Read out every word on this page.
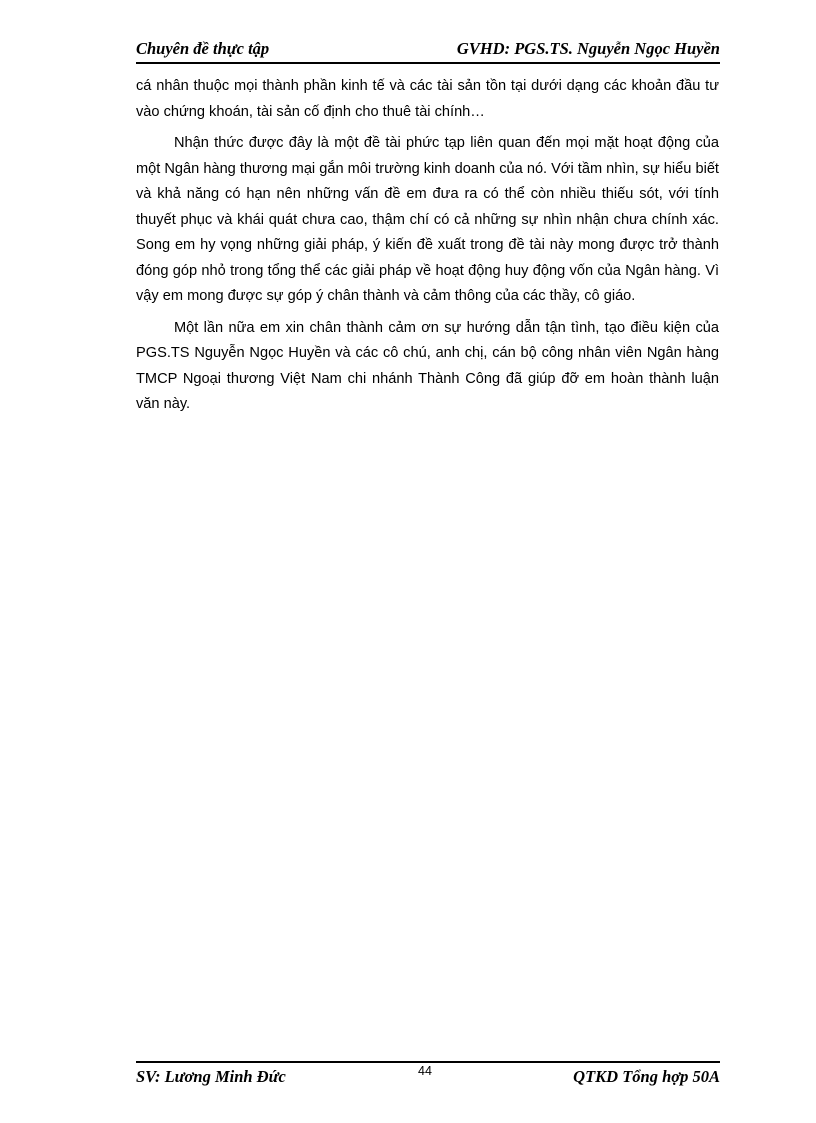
Chuyên đề thực tập	GVHD: PGS.TS. Nguyễn Ngọc Huyền

cá nhân thuộc mọi thành phần kinh tế và các tài sản tồn tại dưới dạng các khoản đầu tư vào chứng khoán, tài sản cố định cho thuê tài chính…

Nhận thức được đây là một đề tài phức tạp liên quan đến mọi mặt hoạt động của một Ngân hàng thương mại gắn môi trường kinh doanh của nó. Với tầm nhìn, sự hiểu biết và khả năng có hạn nên những vấn đề em đưa ra có thể còn nhiều thiếu sót, với tính thuyết phục và khái quát chưa cao, thậm chí có cả những sự nhìn nhận chưa chính xác. Song em hy vọng những giải pháp, ý kiến đề xuất trong đề tài này mong được trở thành đóng góp nhỏ trong tổng thể các giải pháp về hoạt động huy động vốn của Ngân hàng. Vì vậy em mong được sự góp ý chân thành và cảm thông của các thầy, cô giáo.

Một lần nữa em xin chân thành cảm ơn sự hướng dẫn tận tình, tạo điều kiện của PGS.TS Nguyễn Ngọc Huyền và các cô chú, anh chị, cán bộ công nhân viên Ngân hàng TMCP Ngoại thương Việt Nam chi nhánh Thành Công đã giúp đỡ em hoàn thành luận văn này.

SV: Lương Minh Đức	44	QTKD Tổng hợp 50A
